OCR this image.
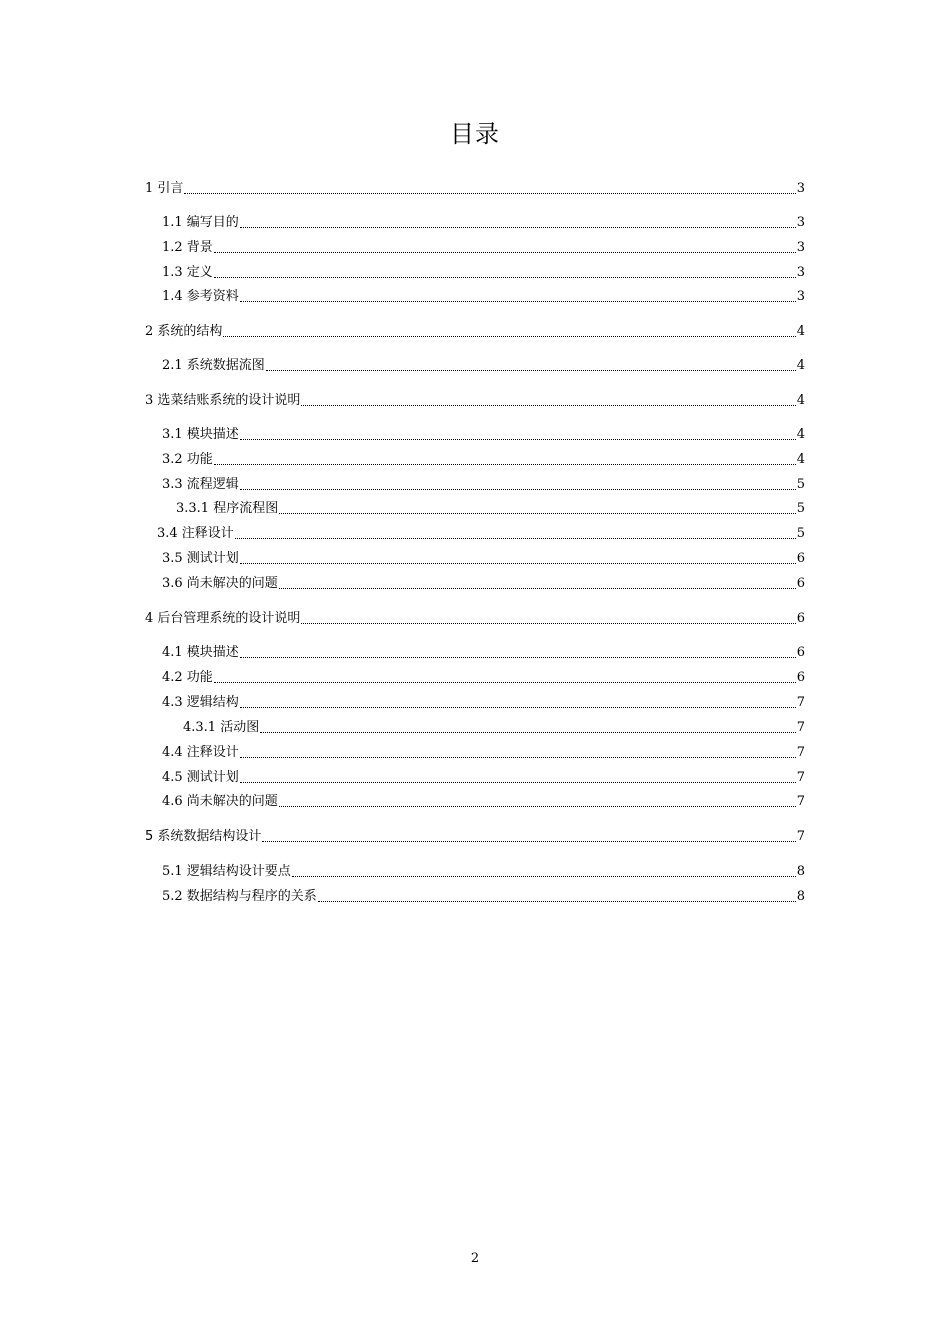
目录
1 引言	3
1.1 编写目的	3
1.2 背景	3
1.3 定义	3
1.4 参考资料	3
2 系统的结构	4
2.1 系统数据流图	4
3 选菜结账系统的设计说明	4
3.1 模块描述	4
3.2 功能	4
3.3 流程逻辑	5
3.3.1 程序流程图	5
3.4 注释设计	5
3.5 测试计划	6
3.6 尚未解决的问题	6
4 后台管理系统的设计说明	6
4.1 模块描述	6
4.2 功能	6
4.3 逻辑结构	7
4.3.1 活动图	7
4.4 注释设计	7
4.5 测试计划	7
4.6 尚未解决的问题	7
5 系统数据结构设计	7
5.1 逻辑结构设计要点	8
5.2 数据结构与程序的关系	8
2
